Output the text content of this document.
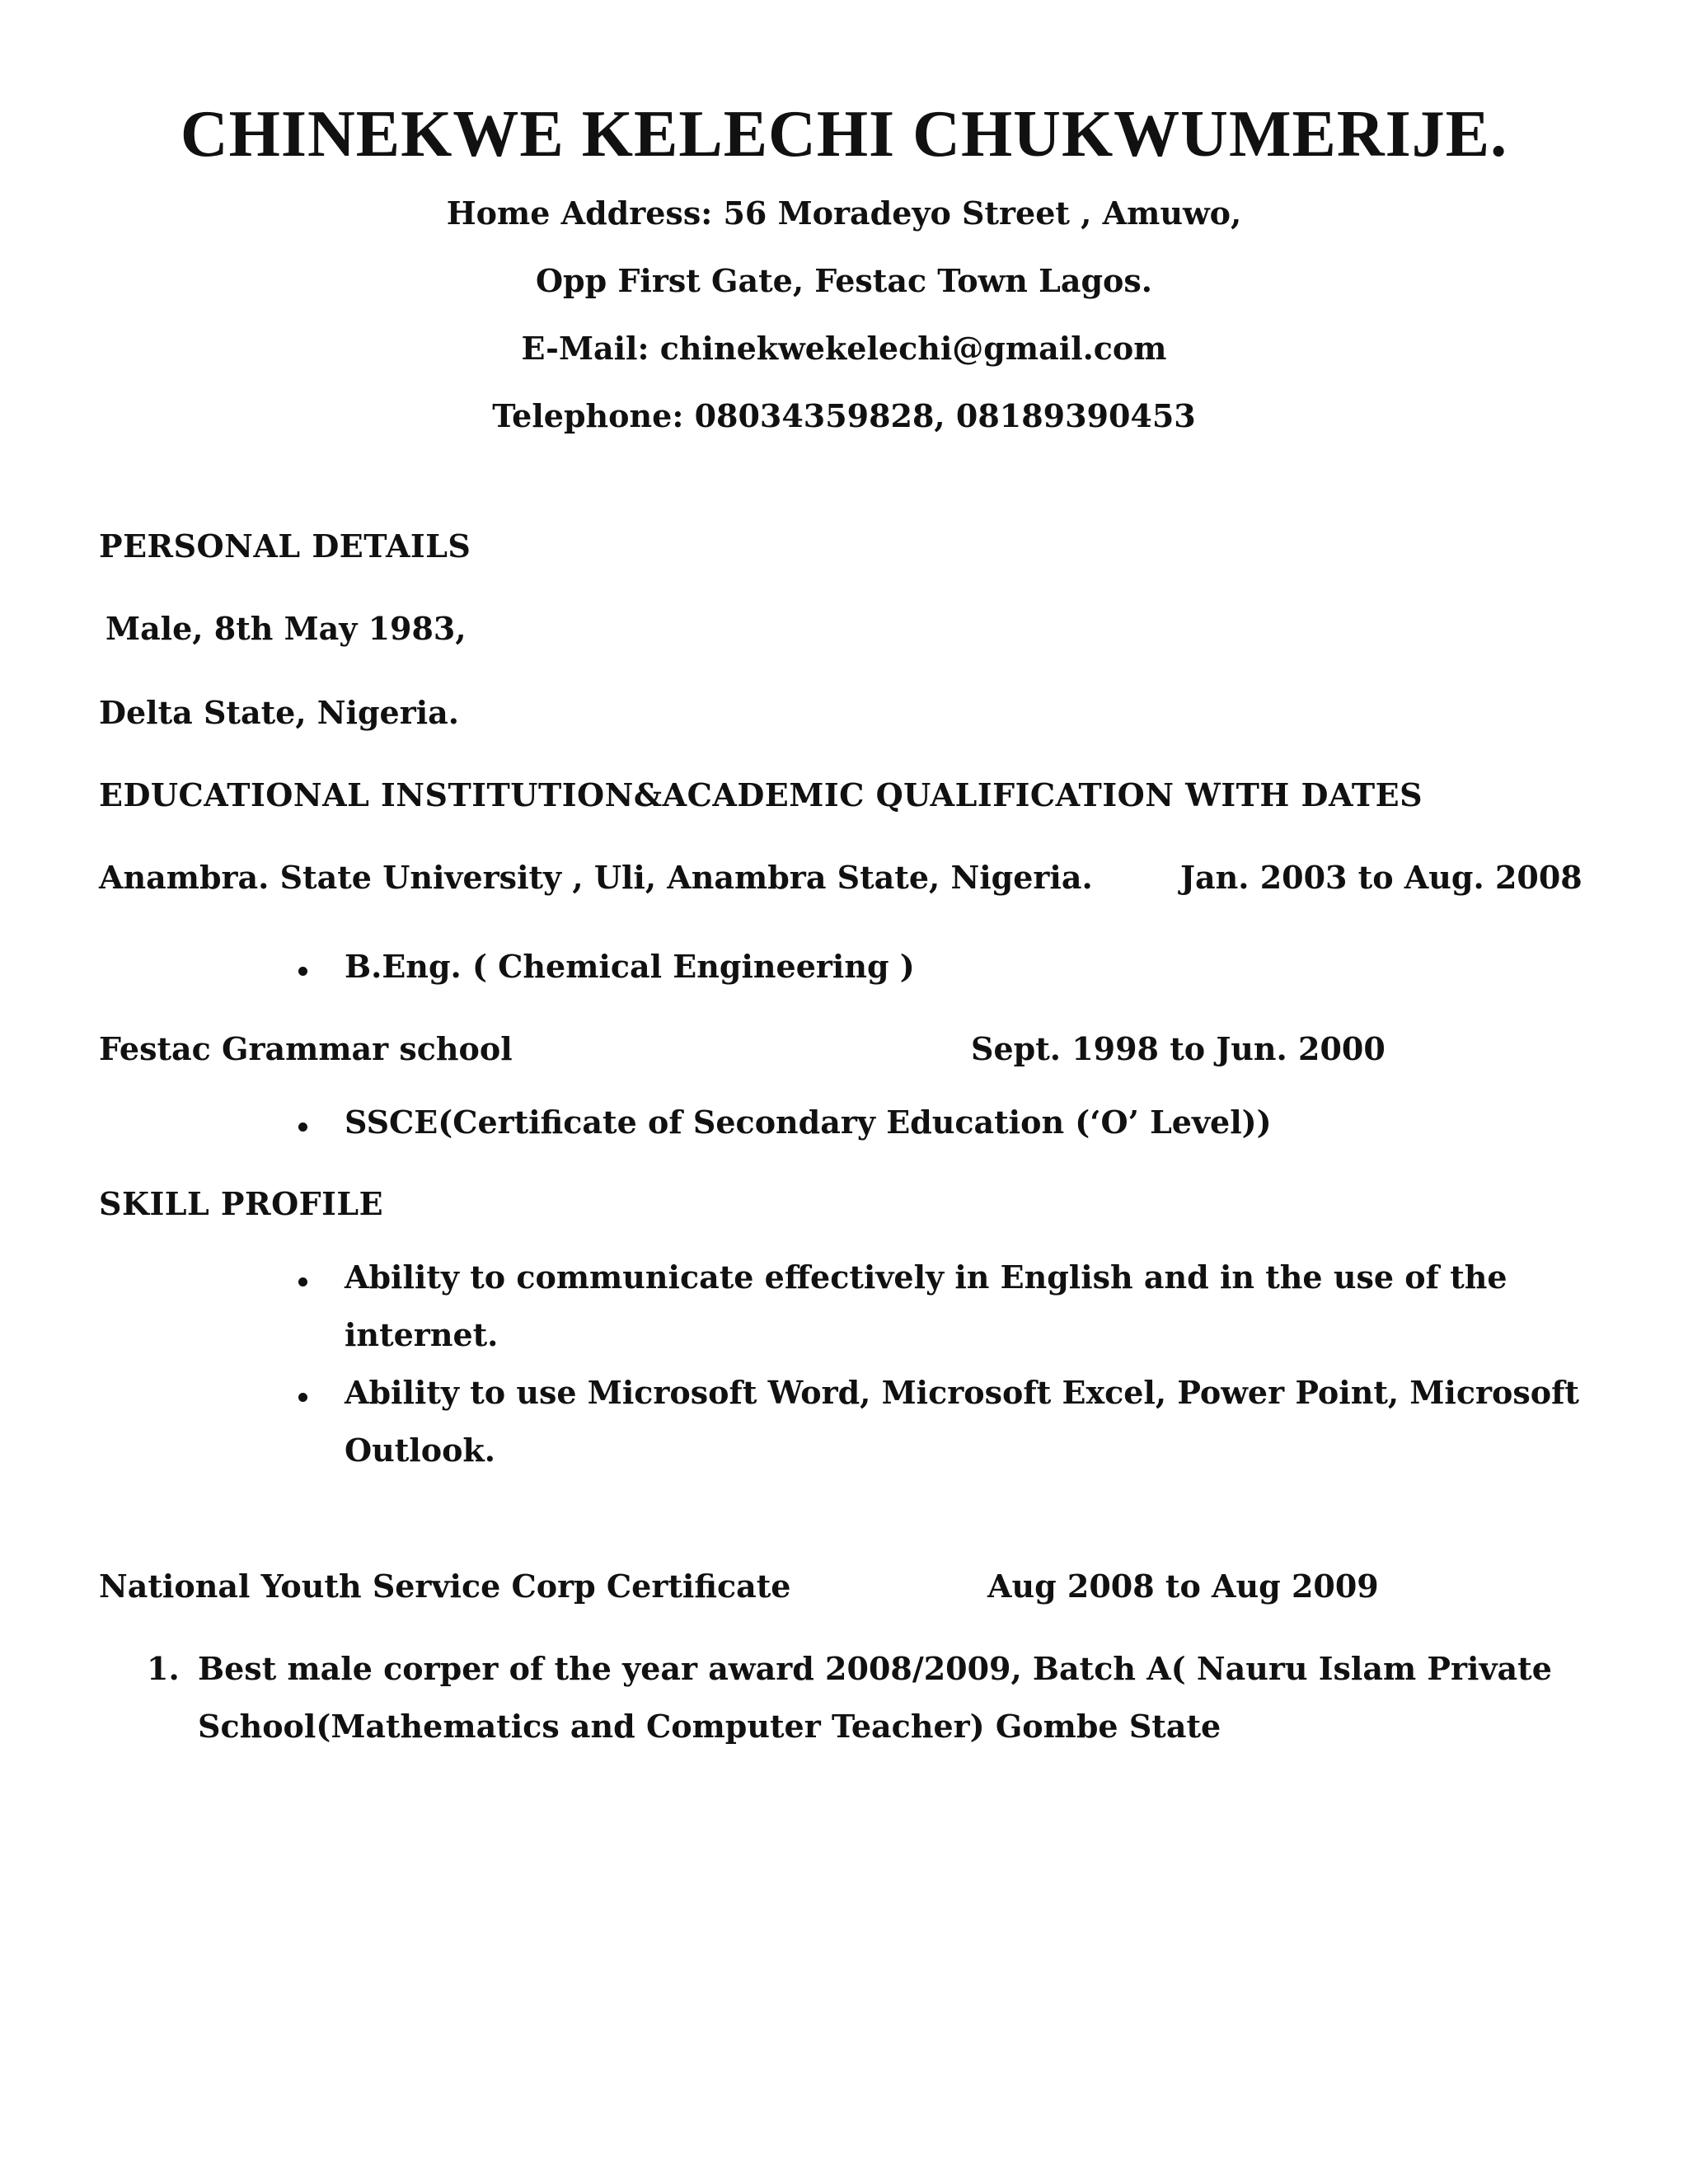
CHINEKWE KELECHI CHUKWUMERIJE.
Home Address: 56 Moradeyo Street , Amuwo,
Opp First Gate, Festac Town Lagos.
E-Mail: chinekwekelechi@gmail.com
Telephone: 08034359828, 08189390453
PERSONAL DETAILS
Male, 8th May 1983,
Delta State, Nigeria.
EDUCATIONAL INSTITUTION&ACADEMIC QUALIFICATION WITH DATES
Anambra. State University , Uli, Anambra State, Nigeria.	Jan. 2003 to Aug. 2008
B.Eng. ( Chemical Engineering )
Festac Grammar school	Sept. 1998 to Jun. 2000
SSCE(Certificate of Secondary Education (‘O’ Level))
SKILL PROFILE
Ability to communicate effectively in English and in the use of the
internet.
Ability to use Microsoft Word, Microsoft Excel, Power Point, Microsoft
Outlook.
National Youth Service Corp Certificate	Aug 2008 to Aug 2009
1. Best male corper of the year award 2008/2009, Batch A( Nauru Islam Private
School(Mathematics and Computer Teacher) Gombe State
